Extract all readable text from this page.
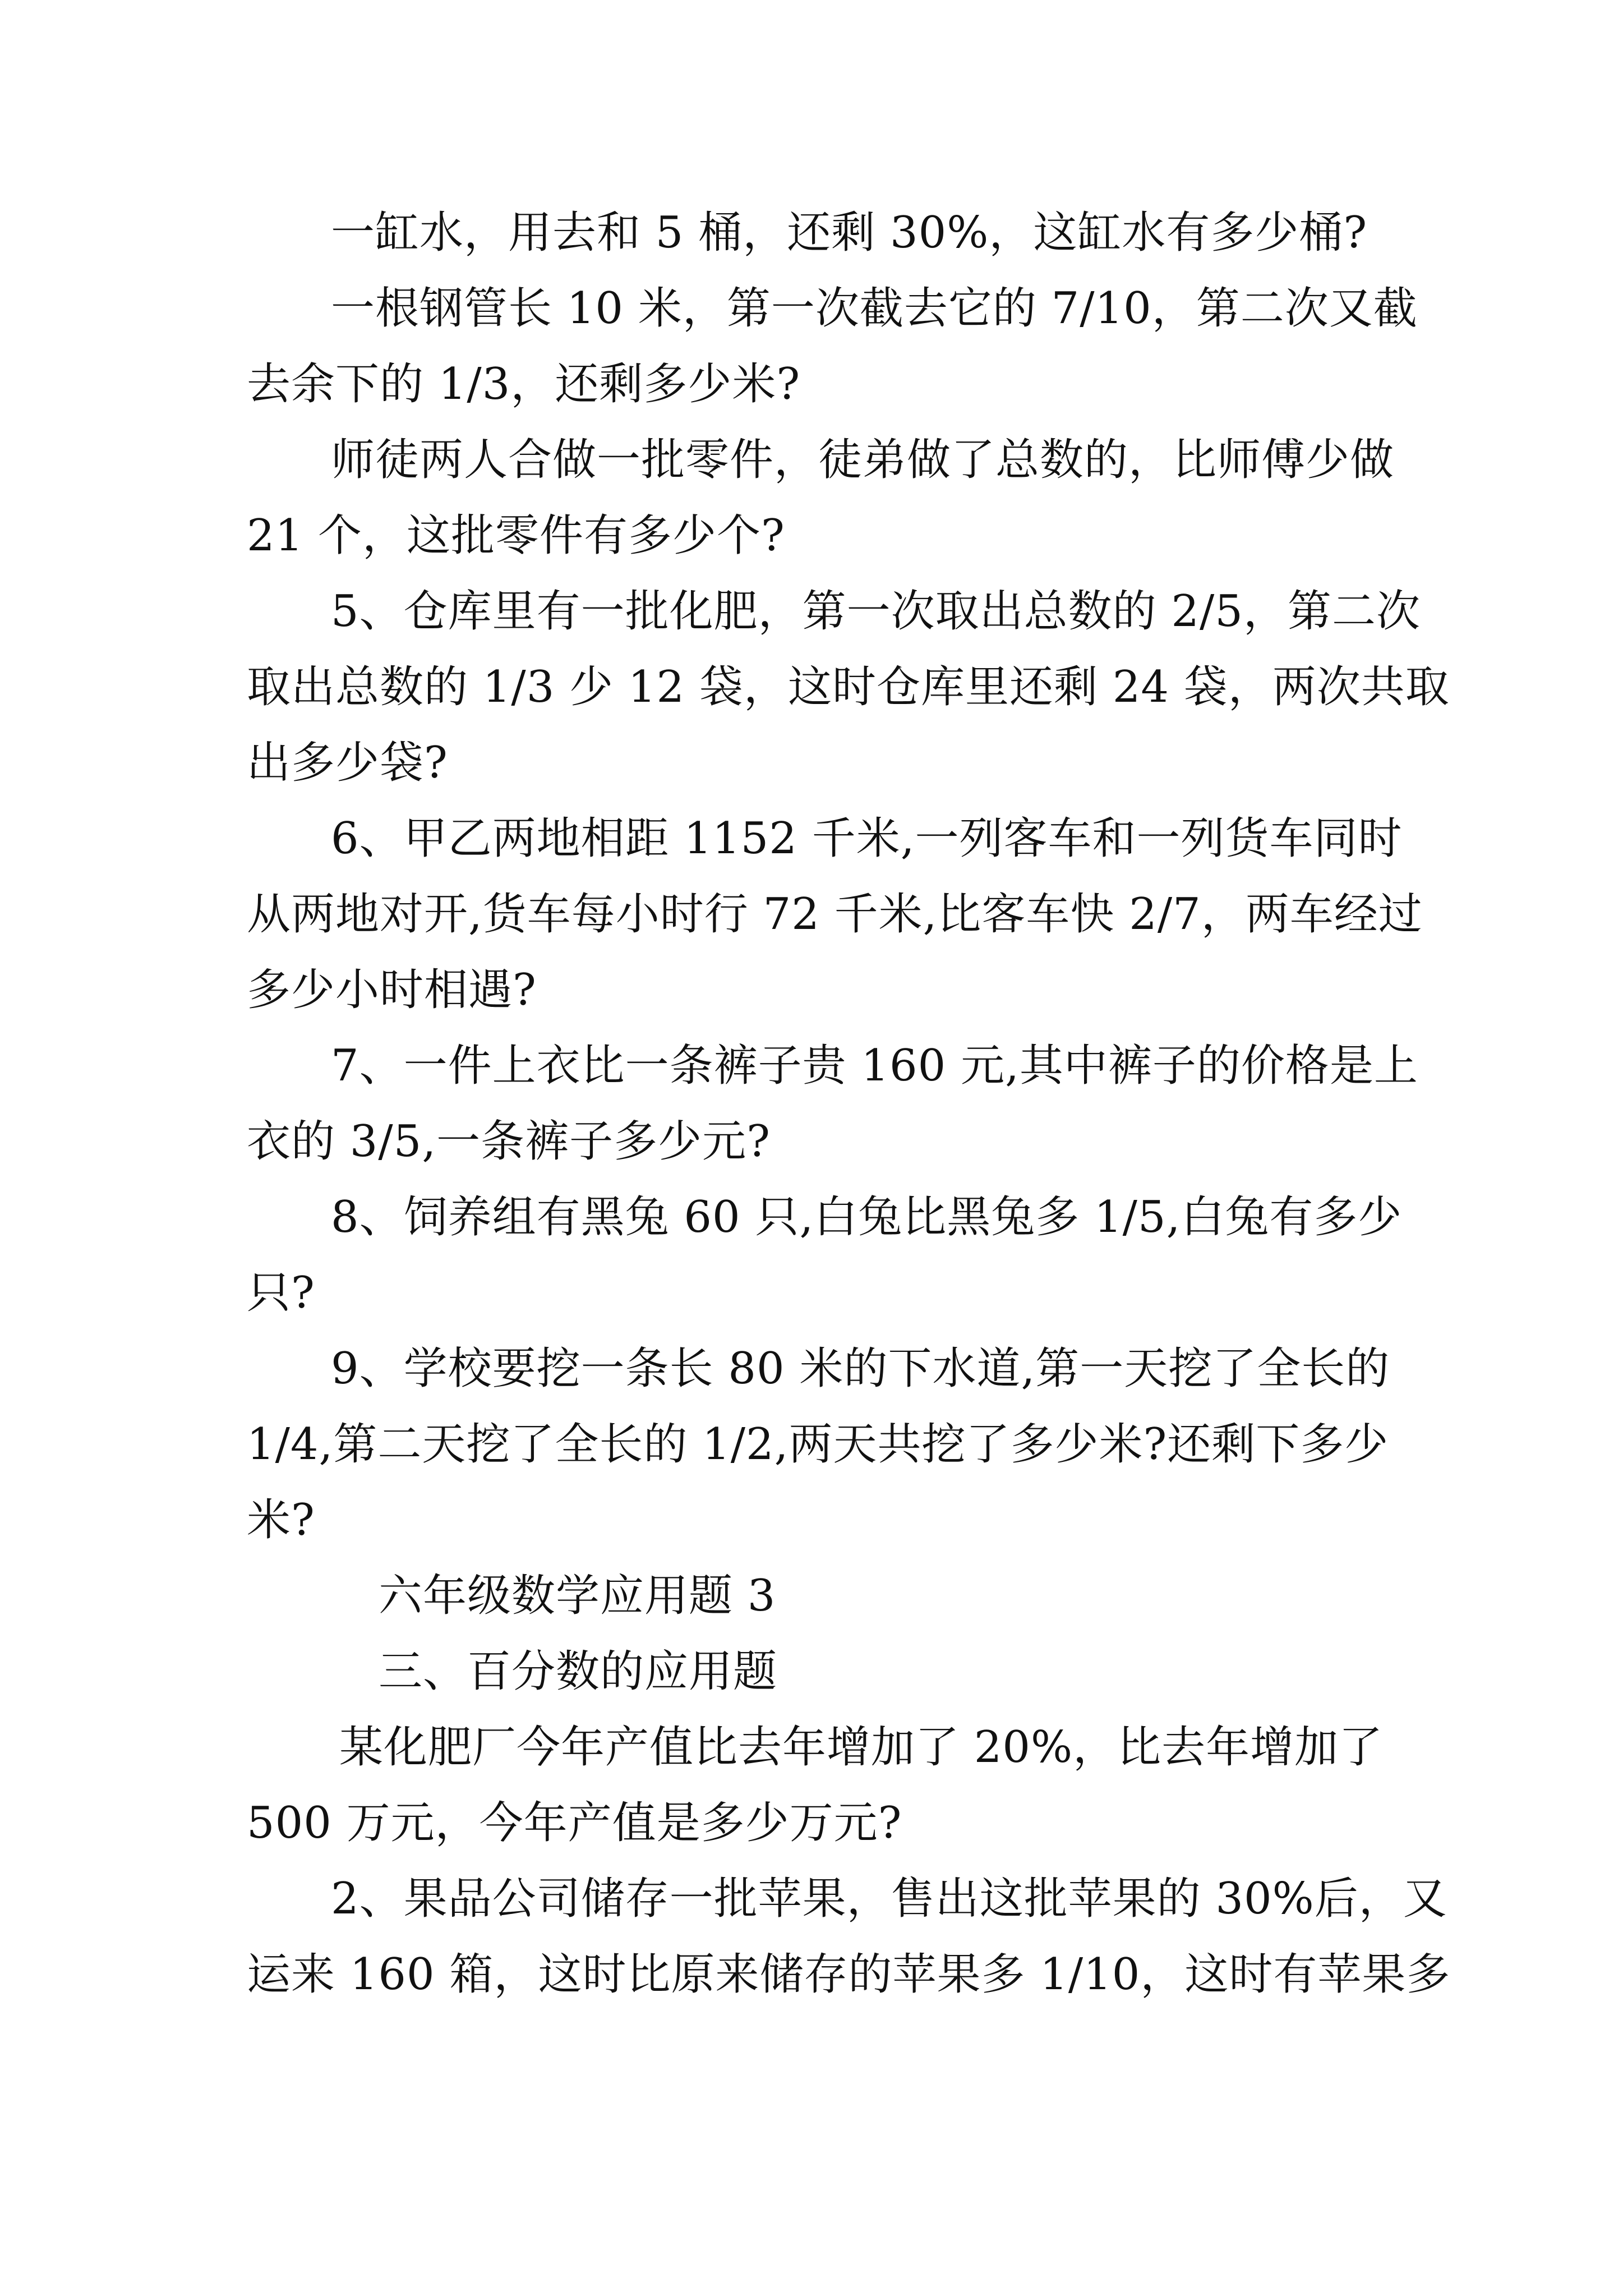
一缸水，用去和 5 桶，还剩 30%，这缸水有多少桶?
一根钢管长 10 米，第一次截去它的 7/10，第二次又截
去余下的 1/3，还剩多少米?
师徒两人合做一批零件，徒弟做了总数的，比师傅少做
21 个，这批零件有多少个?
5、仓库里有一批化肥，第一次取出总数的 2/5，第二次
取出总数的 1/3 少 12 袋，这时仓库里还剩 24 袋，两次共取
出多少袋?
6、甲乙两地相距 1152 千米,一列客车和一列货车同时
从两地对开,货车每小时行 72 千米,比客车快 2/7，两车经过
多少小时相遇?
7、一件上衣比一条裤子贵 160 元,其中裤子的价格是上
衣的 3/5,一条裤子多少元?
8、饲养组有黑兔 60 只,白兔比黑兔多 1/5,白兔有多少
只?
9、学校要挖一条长 80 米的下水道,第一天挖了全长的
1/4,第二天挖了全长的 1/2,两天共挖了多少米?还剩下多少
米?
六年级数学应用题 3
三、百分数的应用题
某化肥厂今年产值比去年增加了 20%，比去年增加了
500 万元，今年产值是多少万元?
2、果品公司储存一批苹果，售出这批苹果的 30%后，又
运来 160 箱，这时比原来储存的苹果多 1/10，这时有苹果多
